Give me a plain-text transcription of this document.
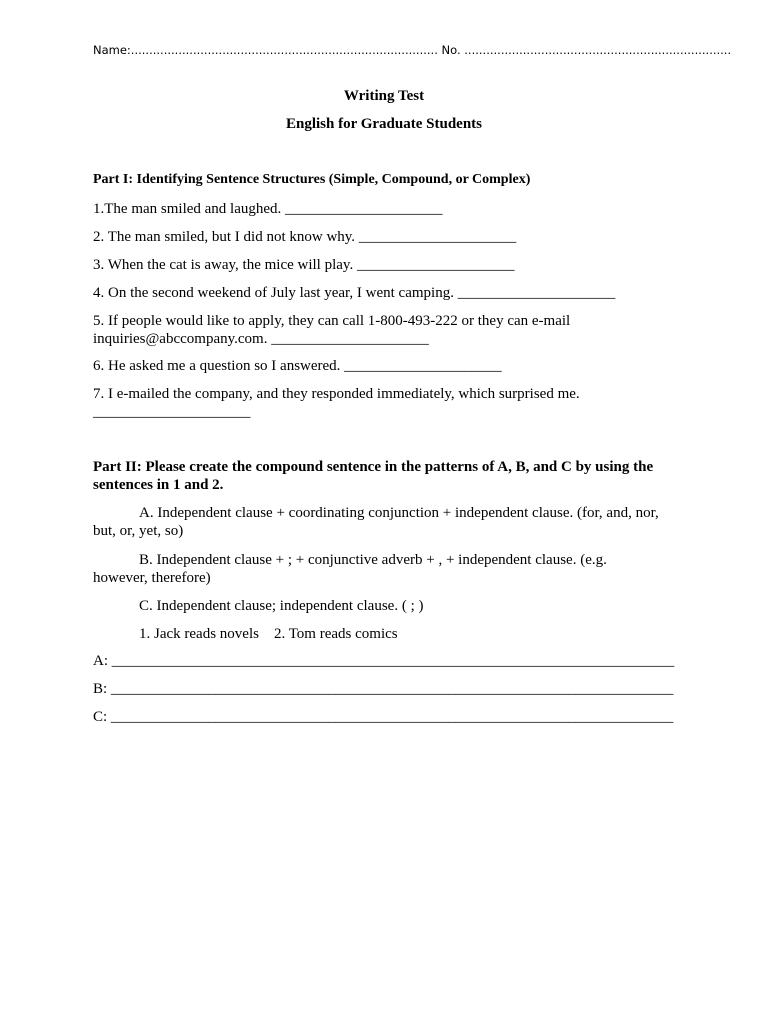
Name:.................................................................................... No. .........................................................................
Writing Test
English for Graduate Students
Part I: Identifying Sentence Structures (Simple, Compound, or Complex)
1.The man smiled and laughed. _____________________
2. The man smiled, but I did not know why. _____________________
3. When the cat is away, the mice will play. _____________________
4. On the second weekend of July last year, I went camping. _____________________
5. If people would like to apply, they can call 1-800-493-222 or they can e-mail inquiries@abccompany.com. _____________________
6. He asked me a question so I answered. _____________________
7. I e-mailed the company, and they responded immediately, which surprised me. _____________________
Part II: Please create the compound sentence in the patterns of A, B, and C by using the sentences in 1 and 2.
A. Independent clause + coordinating conjunction + independent clause. (for, and, nor, but, or, yet, so)
B. Independent clause + ; + conjunctive adverb + , + independent clause. (e.g. however, therefore)
C. Independent clause; independent clause. ( ; )
1. Jack reads novels    2. Tom reads comics
A: ___________________________________________________________________________
B: ___________________________________________________________________________
C: ___________________________________________________________________________
